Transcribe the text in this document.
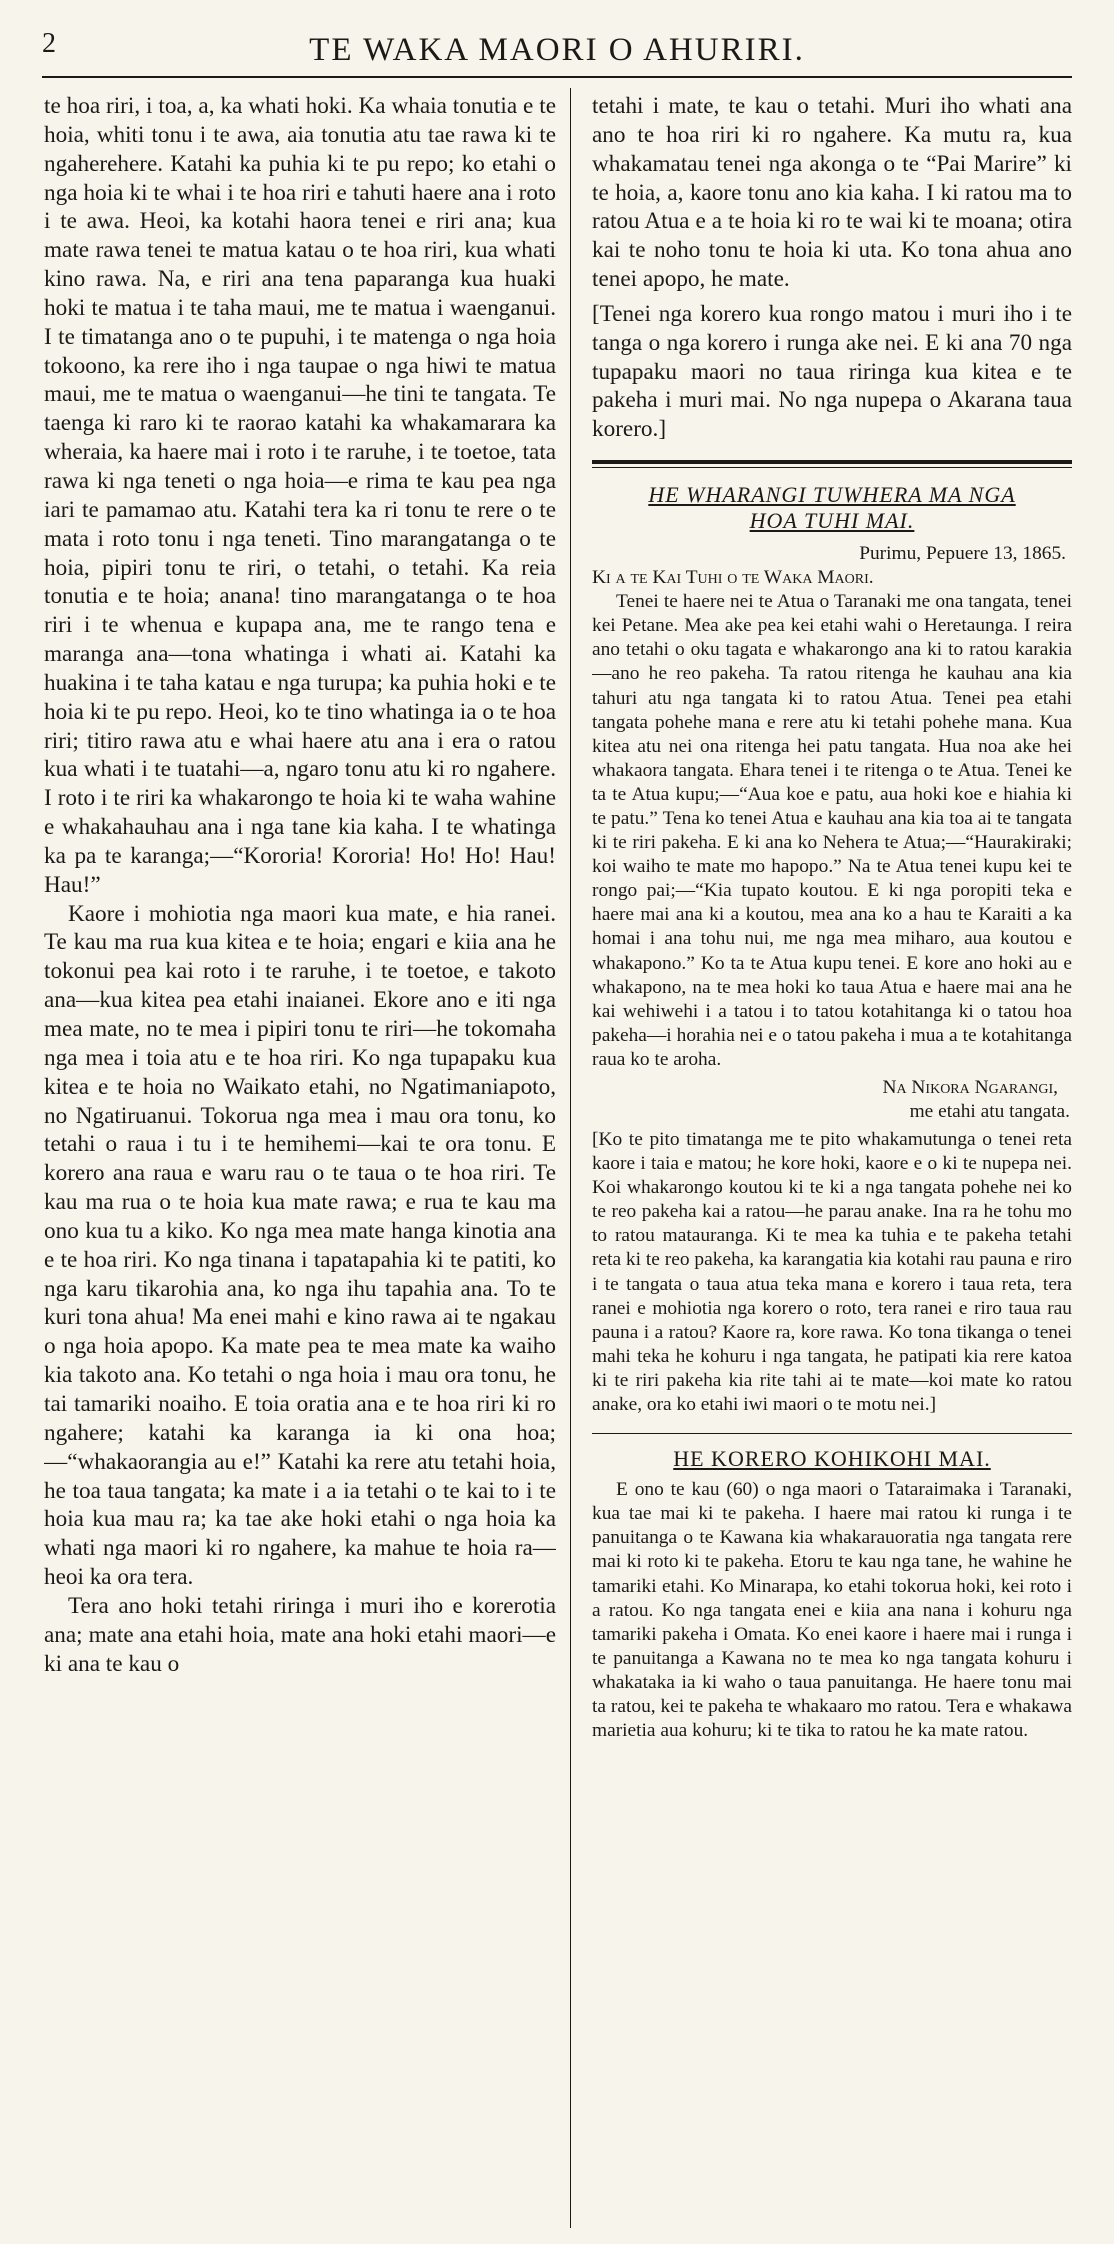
2	TE WAKA MAORI O AHURIRI.

te hoa riri, i toa, a, ka whati hoki. Ka whaia tonutia e te hoia, whiti tonu i te awa, aia tonutia atu tae rawa ki te ngaherehere. Katahi ka puhia ki te pu repo; ko etahi o nga hoia ki te whai i te hoa riri e tahuti haere ana i roto i te awa. Heoi, ka kotahi haora tenei e riri ana; kua mate rawa tenei te matua katau o te hoa riri, kua whati kino rawa. Na, e riri ana tena paparanga kua huaki hoki te matua i te taha maui, me te matua i waenganui. I te timatanga ano o te pupuhi, i te matenga o nga hoia tokoono, ka rere iho i nga taupae o nga hiwi te matua maui, me te matua o waenganui—he tini te tangata. Te taenga ki raro ki te raorao katahi ka whakamarara ka wheraia, ka haere mai i roto i te raruhe, i te toetoe, tata rawa ki nga teneti o nga hoia—e rima te kau pea nga iari te pamamao atu. Katahi tera ka ri tonu te rere o te mata i roto tonu i nga teneti. Tino marangatanga o te hoia, pipiri tonu te riri, o tetahi, o tetahi. Ka reia tonutia e te hoia; anana! tino marangatanga o te hoa riri i te whenua e kupapa ana, me te rango tena e maranga ana—tona whatinga i whati ai. Katahi ka huakina i te taha katau e nga turupa; ka puhia hoki e te hoia ki te pu repo. Heoi, ko te tino whatinga ia o te hoa riri; titiro rawa atu e whai haere atu ana i era o ratou kua whati i te tuatahi—a, ngaro tonu atu ki ro ngahere. I roto i te riri ka whakarongo te hoia ki te waha wahine e whakahauhau ana i nga tane kia kaha. I te whatinga ka pa te karanga;—“Kororia! Kororia! Ho! Ho! Hau! Hau!”

Kaore i mohiotia nga maori kua mate, e hia ranei. Te kau ma rua kua kitea e te hoia; engari e kiia ana he tokonui pea kai roto i te raruhe, i te toetoe, e takoto ana—kua kitea pea etahi inaianei. Ekore ano e iti nga mea mate, no te mea i pipiri tonu te riri—he tokomaha nga mea i toia atu e te hoa riri. Ko nga tupapaku kua kitea e te hoia no Waikato etahi, no Ngatimaniapoto, no Ngatiruanui. Tokorua nga mea i mau ora tonu, ko tetahi o raua i tu i te hemihemi—kai te ora tonu. E korero ana raua e waru rau o te taua o te hoa riri. Te kau ma rua o te hoia kua mate rawa; e rua te kau ma ono kua tu a kiko. Ko nga mea mate hanga kinotia ana e te hoa riri. Ko nga tinana i tapatapahia ki te patiti, ko nga karu tikarohia ana, ko nga ihu tapahia ana. To te kuri tona ahua! Ma enei mahi e kino rawa ai te ngakau o nga hoia apopo. Ka mate pea te mea mate ka waiho kia takoto ana. Ko tetahi o nga hoia i mau ora tonu, he tai tamariki noaiho. E toia oratia ana e te hoa riri ki ro ngahere; katahi ka karanga ia ki ona hoa;—“whakaorangia au e!” Katahi ka rere atu tetahi hoia, he toa taua tangata; ka mate i a ia tetahi o te kai to i te hoia kua mau ra; ka tae ake hoki etahi o nga hoia ka whati nga maori ki ro ngahere, ka mahue te hoia ra—heoi ka ora tera.

Tera ano hoki tetahi riringa i muri iho e korerotia ana; mate ana etahi hoia, mate ana hoki etahi maori—e ki ana te kau o

tetahi i mate, te kau o tetahi. Muri iho whati ana ano te hoa riri ki ro ngahere. Ka mutu ra, kua whakamatau tenei nga akonga o te “Pai Marire” ki te hoia, a, kaore tonu ano kia kaha. I ki ratou ma to ratou Atua e a te hoia ki ro te wai ki te moana; otira kai te noho tonu te hoia ki uta. Ko tona ahua ano tenei apopo, he mate.

[Tenei nga korero kua rongo matou i muri iho i te tanga o nga korero i runga ake nei. E ki ana 70 nga tupapaku maori no taua riringa kua kitea e te pakeha i muri mai. No nga nupepa o Akarana taua korero.]

HE WHARANGI TUWHERA MA NGA
HOA TUHI MAI.
Purimu, Pepuere 13, 1865.
Ki a te Kai Tuhi o te Waka Maori.

Tenei te haere nei te Atua o Taranaki me ona tangata, tenei kei Petane. Mea ake pea kei etahi wahi o Heretaunga. I reira ano tetahi o oku tagata e whakarongo ana ki to ratou karakia—ano he reo pakeha. Ta ratou ritenga he kauhau ana kia tahuri atu nga tangata ki to ratou Atua. Tenei pea etahi tangata pohehe mana e rere atu ki tetahi pohehe mana. Kua kitea atu nei ona ritenga hei patu tangata. Hua noa ake hei whakaora tangata. Ehara tenei i te ritenga o te Atua. Tenei ke ta te Atua kupu;—“Aua koe e patu, aua hoki koe e hiahia ki te patu.” Tena ko tenei Atua e kauhau ana kia toa ai te tangata ki te riri pakeha. E ki ana ko Nehera te Atua;—“Haurakiraki; koi waiho te mate mo hapopo.” Na te Atua tenei kupu kei te rongo pai;—“Kia tupato koutou. E ki nga poropiti teka e haere mai ana ki a koutou, mea ana ko a hau te Karaiti a ka homai i ana tohu nui, me nga mea miharo, aua koutou e whakapono.” Ko ta te Atua kupu tenei. E kore ano hoki au e whakapono, na te mea hoki ko taua Atua e haere mai ana he kai wehiwehi i a tatou i to tatou kotahitanga ki o tatou hoa pakeha—i horahia nei e o tatou pakeha i mua a te kotahitanga raua ko te aroha.

Na Nikora Ngarangi,
me etahi atu tangata.

[Ko te pito timatanga me te pito whakamutunga o tenei reta kaore i taia e matou; he kore hoki, kaore e o ki te nupepa nei. Koi whakarongo koutou ki te ki a nga tangata pohehe nei ko te reo pakeha kai a ratou—he parau anake. Ina ra he tohu mo to ratou matauranga. Ki te mea ka tuhia e te pakeha tetahi reta ki te reo pakeha, ka karangatia kia kotahi rau pauna e riro i te tangata o taua atua teka mana e korero i taua reta, tera ranei e mohiotia nga korero o roto, tera ranei e riro taua rau pauna i a ratou? Kaore ra, kore rawa. Ko tona tikanga o tenei mahi teka he kohuru i nga tangata, he patipati kia rere katoa ki te riri pakeha kia rite tahi ai te mate—koi mate ko ratou anake, ora ko etahi iwi maori o te motu nei.]

HE KORERO KOHIKOHI MAI.

E ono te kau (60) o nga maori o Tataraimaka i Taranaki, kua tae mai ki te pakeha. I haere mai ratou ki runga i te panuitanga o te Kawana kia whakarauoratia nga tangata rere mai ki roto ki te pakeha. Etoru te kau nga tane, he wahine he tamariki etahi. Ko Minarapa, ko etahi tokorua hoki, kei roto i a ratou. Ko nga tangata enei e kiia ana nana i kohuru nga tamariki pakeha i Omata. Ko enei kaore i haere mai i runga i te panuitanga a Kawana no te mea ko nga tangata kohuru i whakataka ia ki waho o taua panuitanga. He haere tonu mai ta ratou, kei te pakeha te whakaaro mo ratou. Tera e whakawa marietia aua kohuru; ki te tika to ratou he ka mate ratou.
